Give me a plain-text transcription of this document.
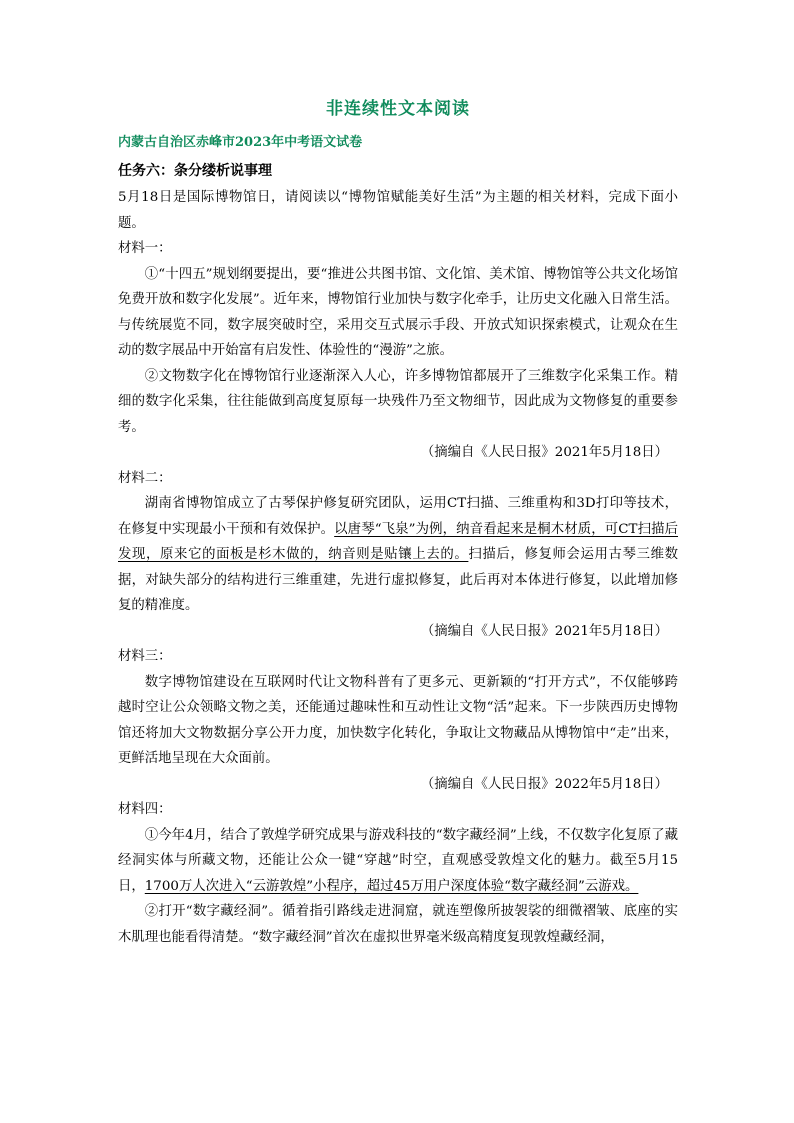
非连续性文本阅读
内蒙古自治区赤峰市2023年中考语文试卷
任务六：条分缕析说事理

5月18日是国际博物馆日，请阅读以“博物馆赋能美好生活”为主题的相关材料，完成下面小题。

材料一：

①“十四五”规划纲要提出，要“推进公共图书馆、文化馆、美术馆、博物馆等公共文化场馆免费开放和数字化发展”。近年来，博物馆行业加快与数字化牵手，让历史文化融入日常生活。与传统展览不同，数字展突破时空，采用交互式展示手段、开放式知识探索模式，让观众在生动的数字展品中开始富有启发性、体验性的“漫游”之旅。

②文物数字化在博物馆行业逐渐深入人心，许多博物馆都展开了三维数字化采集工作。精细的数字化采集，往往能做到高度复原每一块残件乃至文物细节，因此成为文物修复的重要参考。

（摘编自《人民日报》2021年5月18日）

材料二：

湖南省博物馆成立了古琴保护修复研究团队，运用CT扫描、三维重构和3D打印等技术，在修复中实现最小干预和有效保护。以唐琴“飞泉”为例，纳音看起来是桐木材质，可CT扫描后发现，原来它的面板是杉木做的，纳音则是贴镶上去的。扫描后，修复师会运用古琴三维数据，对缺失部分的结构进行三维重建，先进行虚拟修复，此后再对本体进行修复，以此增加修复的精准度。

（摘编自《人民日报》2021年5月18日）

材料三：

数字博物馆建设在互联网时代让文物科普有了更多元、更新颖的“打开方式”，不仅能够跨越时空让公众领略文物之美，还能通过趣味性和互动性让文物“活”起来。下一步陕西历史博物馆还将加大文物数据分享公开力度，加快数字化转化，争取让文物藏品从博物馆中“走”出来，更鲜活地呈现在大众面前。

（摘编自《人民日报》2022年5月18日）

材料四：

①今年4月，结合了敦煌学研究成果与游戏科技的“数字藏经洞”上线，不仅数字化复原了藏经洞实体与所藏文物，还能让公众一键“穿越”时空，直观感受敦煌文化的魅力。截至5月15日，1700万人次进入“云游敦煌”小程序，超过45万用户深度体验“数字藏经洞”云游戏。

②打开“数字藏经洞”。循着指引路线走进洞窟，就连塑像所披袈裟的细微褶皱、底座的实木肌理也能看得清楚。“数字藏经洞”首次在虚拟世界毫米级高精度复现敦煌藏经洞，
